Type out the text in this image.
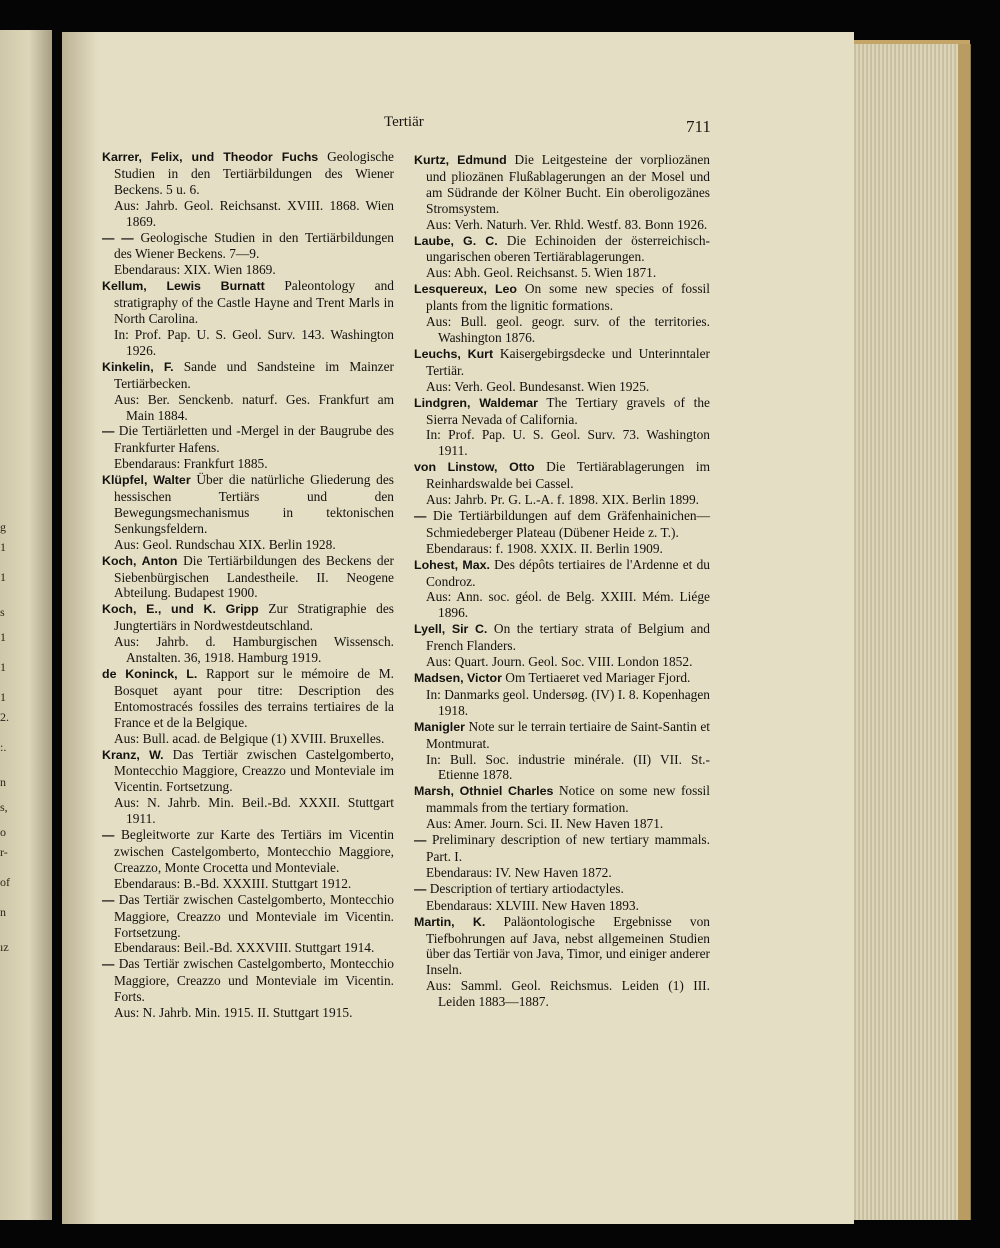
g
1
1
s
1
1
1
2.
:.
n
s,
o
r-
of
n
ız
Tertiär	711
Karrer, Felix, und Theodor Fuchs Geologische Studien in den Tertiärbildungen des Wiener Beckens. 5 u. 6.
Aus: Jahrb. Geol. Reichsanst. XVIII. 1868. Wien 1869.
— — Geologische Studien in den Tertiärbildungen des Wiener Beckens. 7—9.
Ebendaraus: XIX. Wien 1869.
Kellum, Lewis Burnatt Paleontology and stratigraphy of the Castle Hayne and Trent Marls in North Carolina.
In: Prof. Pap. U. S. Geol. Surv. 143. Washington 1926.
Kinkelin, F. Sande und Sandsteine im Mainzer Tertiärbecken.
Aus: Ber. Senckenb. naturf. Ges. Frankfurt am Main 1884.
— Die Tertiärletten und -Mergel in der Baugrube des Frankfurter Hafens.
Ebendaraus: Frankfurt 1885.
Klüpfel, Walter Über die natürliche Gliederung des hessischen Tertiärs und den Bewegungsmechanismus in tektonischen Senkungsfeldern.
Aus: Geol. Rundschau XIX. Berlin 1928.
Koch, Anton Die Tertiärbildungen des Beckens der Siebenbürgischen Landestheile. II. Neogene Abteilung. Budapest 1900.
Koch, E., und K. Gripp Zur Stratigraphie des Jungtertiärs in Nordwestdeutschland.
Aus: Jahrb. d. Hamburgischen Wissensch. Anstalten. 36, 1918. Hamburg 1919.
de Koninck, L. Rapport sur le mémoire de M. Bosquet ayant pour titre: Description des Entomostracés fossiles des terrains tertiaires de la France et de la Belgique.
Aus: Bull. acad. de Belgique (1) XVIII. Bruxelles.
Kranz, W. Das Tertiär zwischen Castelgomberto, Montecchio Maggiore, Creazzo und Monteviale im Vicentin. Fortsetzung.
Aus: N. Jahrb. Min. Beil.-Bd. XXXII. Stuttgart 1911.
— Begleitworte zur Karte des Tertiärs im Vicentin zwischen Castelgomberto, Montecchio Maggiore, Creazzo, Monte Crocetta und Monteviale.
Ebendaraus: B.-Bd. XXXIII. Stuttgart 1912.
— Das Tertiär zwischen Castelgomberto, Montecchio Maggiore, Creazzo und Monteviale im Vicentin. Fortsetzung.
Ebendaraus: Beil.-Bd. XXXVIII. Stuttgart 1914.
— Das Tertiär zwischen Castelgomberto, Montecchio Maggiore, Creazzo und Monteviale im Vicentin. Forts.
Aus: N. Jahrb. Min. 1915. II. Stuttgart 1915.
Kurtz, Edmund Die Leitgesteine der vorpliozänen und pliozänen Flußablagerungen an der Mosel und am Südrande der Kölner Bucht. Ein oberoligozänes Stromsystem.
Aus: Verh. Naturh. Ver. Rhld. Westf. 83. Bonn 1926.
Laube, G. C. Die Echinoiden der österreichisch-ungarischen oberen Tertiärablagerungen.
Aus: Abh. Geol. Reichsanst. 5. Wien 1871.
Lesquereux, Leo On some new species of fossil plants from the lignitic formations.
Aus: Bull. geol. geogr. surv. of the territories. Washington 1876.
Leuchs, Kurt Kaisergebirgsdecke und Unterinntaler Tertiär.
Aus: Verh. Geol. Bundesanst. Wien 1925.
Lindgren, Waldemar The Tertiary gravels of the Sierra Nevada of California.
In: Prof. Pap. U. S. Geol. Surv. 73. Washington 1911.
von Linstow, Otto Die Tertiärablagerungen im Reinhardswalde bei Cassel.
Aus: Jahrb. Pr. G. L.-A. f. 1898. XIX. Berlin 1899.
— Die Tertiärbildungen auf dem Gräfenhainichen—Schmiedeberger Plateau (Dübener Heide z. T.).
Ebendaraus: f. 1908. XXIX. II. Berlin 1909.
Lohest, Max. Des dépôts tertiaires de l'Ardenne et du Condroz.
Aus: Ann. soc. géol. de Belg. XXIII. Mém. Liége 1896.
Lyell, Sir C. On the tertiary strata of Belgium and French Flanders.
Aus: Quart. Journ. Geol. Soc. VIII. London 1852.
Madsen, Victor Om Tertiaeret ved Mariager Fjord.
In: Danmarks geol. Undersøg. (IV) I. 8. Kopenhagen 1918.
Manigler Note sur le terrain tertiaire de Saint-Santin et Montmurat.
In: Bull. Soc. industrie minérale. (II) VII. St.-Etienne 1878.
Marsh, Othniel Charles Notice on some new fossil mammals from the tertiary formation.
Aus: Amer. Journ. Sci. II. New Haven 1871.
— Preliminary description of new tertiary mammals. Part. I.
Ebendaraus: IV. New Haven 1872.
— Description of tertiary artiodactyles.
Ebendaraus: XLVIII. New Haven 1893.
Martin, K. Paläontologische Ergebnisse von Tiefbohrungen auf Java, nebst allgemeinen Studien über das Tertiär von Java, Timor, und einiger anderer Inseln.
Aus: Samml. Geol. Reichsmus. Leiden (1) III. Leiden 1883—1887.
